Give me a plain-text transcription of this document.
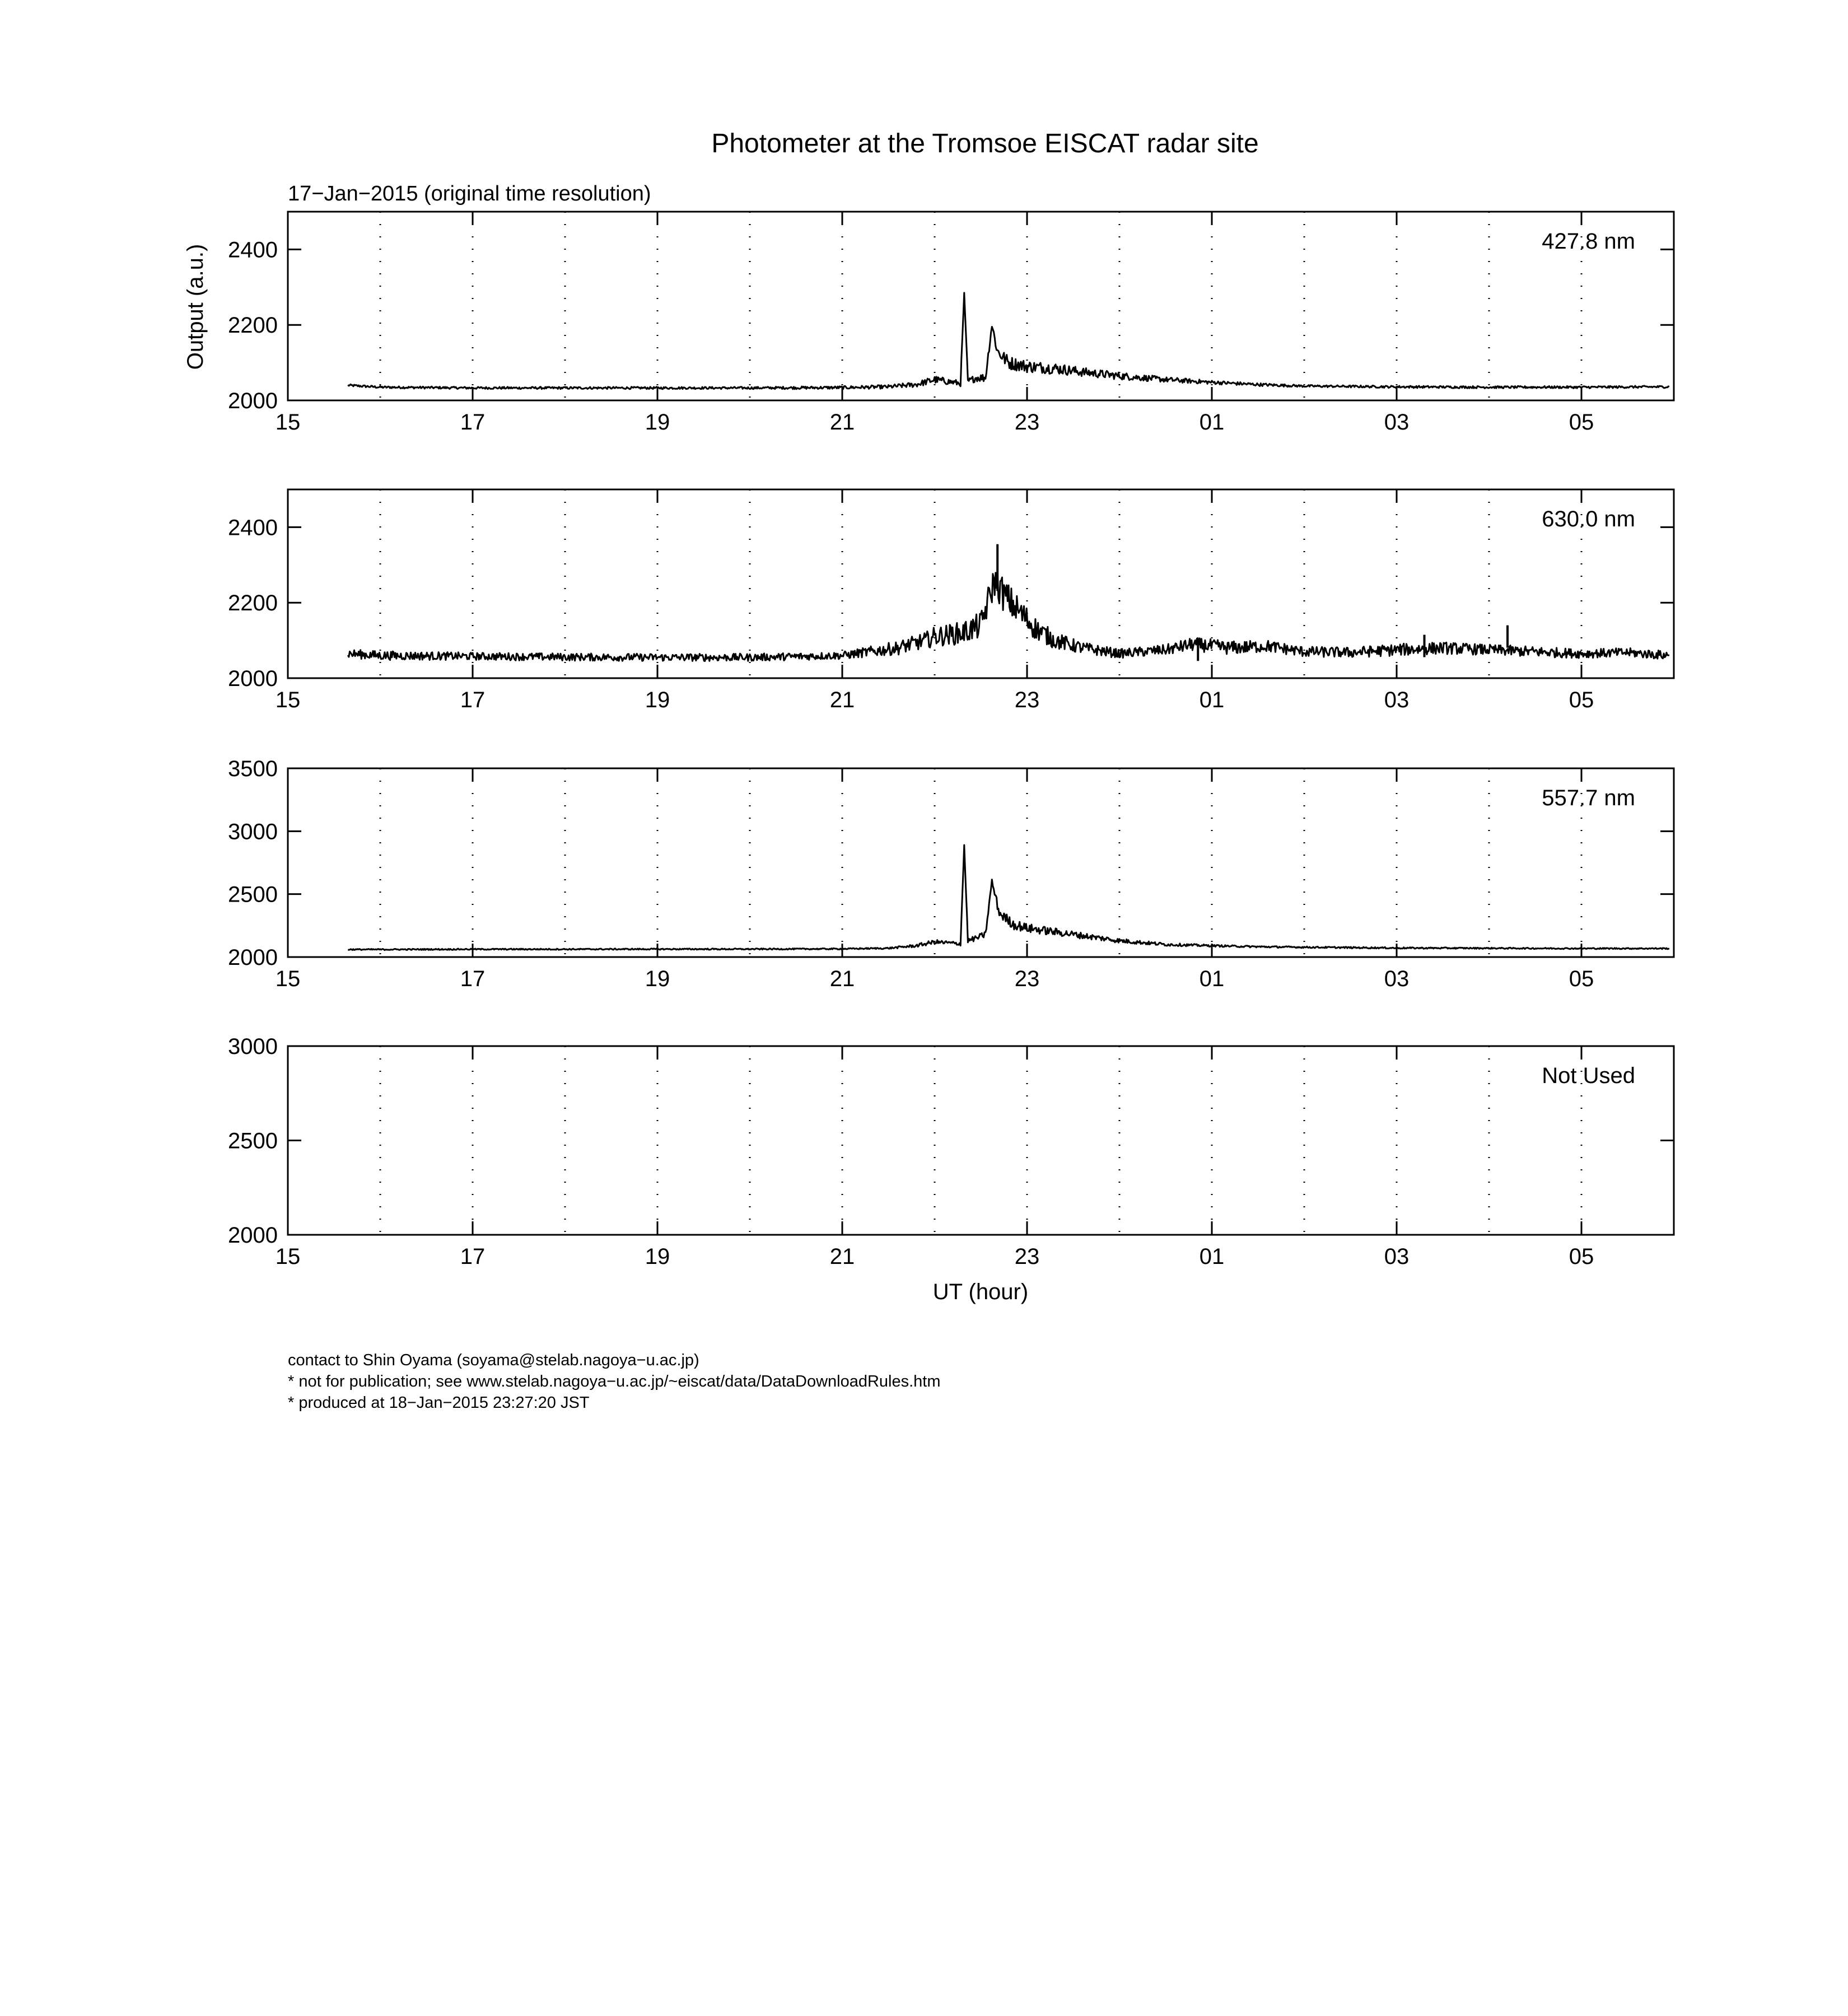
Photometer at the Tromsoe EISCAT radar site
17−Jan−2015 (original time resolution)
Output (a.u.)
UT (hour)
15	17	19	21	23	01	03	05
2000
2200
2400	427.8 nm
15	17	19	21	23	01	03	05
2000
2200
2400	630.0 nm
15	17	19	21	23	01	03	05
2000
2500
3000
3500
557.7 nm
15	17	19	21	23	01	03	05
2000
2500
3000
Not Used
contact to Shin Oyama (soyama@stelab.nagoya−u.ac.jp)
* not for publication; see www.stelab.nagoya−u.ac.jp/~eiscat/data/DataDownloadRules.htm
* produced at 18−Jan−2015 23:27:20 JST
